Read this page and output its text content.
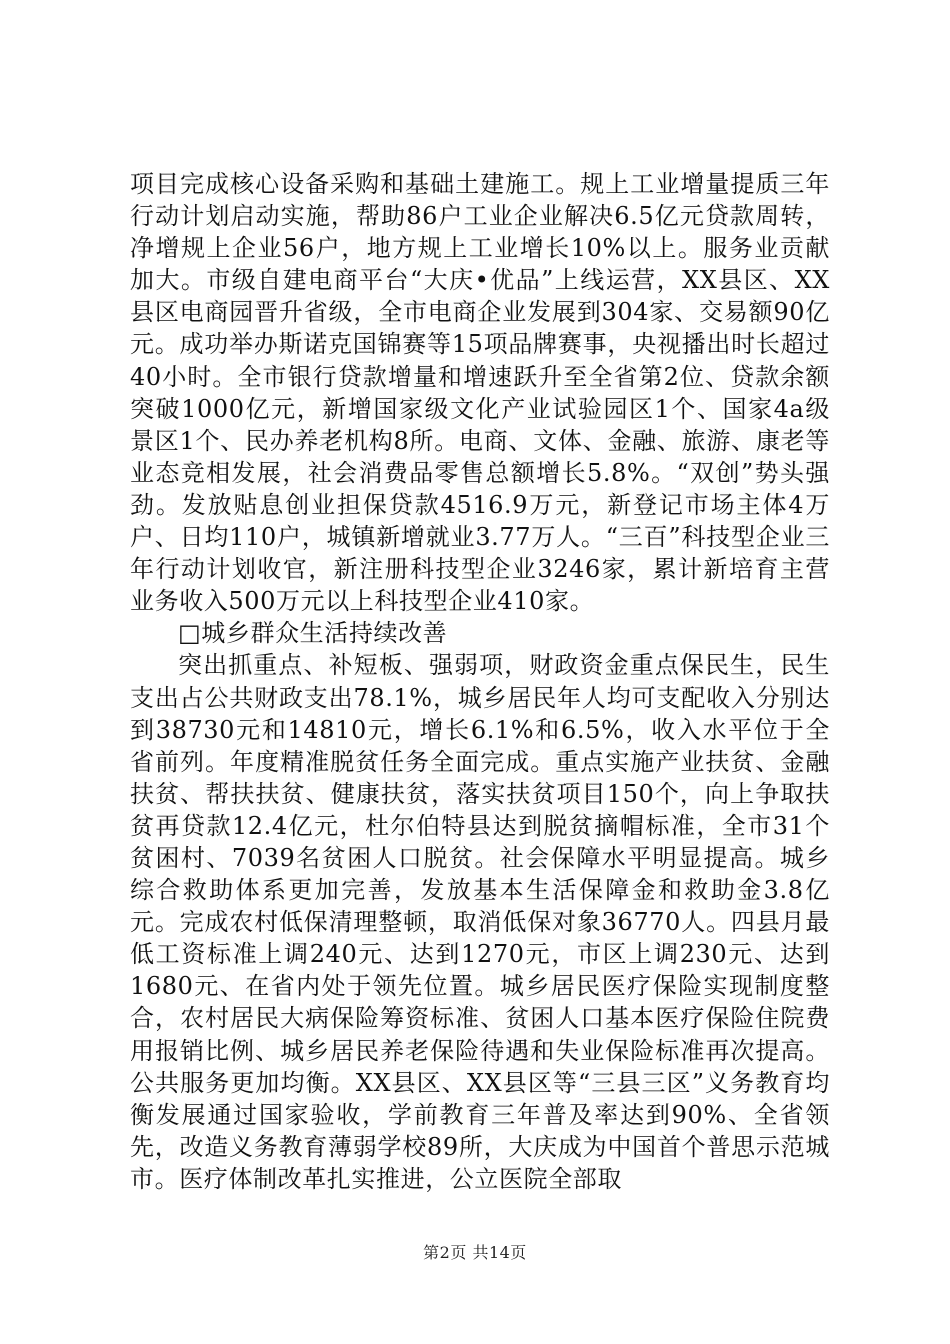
项目完成核心设备采购和基础土建施工。规上工业增量提质三年行动计划启动实施，帮助86户工业企业解决6.5亿元贷款周转，净增规上企业56户，地方规上工业增长10%以上。服务业贡献加大。市级自建电商平台“大庆•优品”上线运营，XX县区、XX县区电商园晋升省级，全市电商企业发展到304家、交易额90亿元。成功举办斯诺克国锦赛等15项品牌赛事，央视播出时长超过40小时。全市银行贷款增量和增速跃升至全省第2位、贷款余额突破1000亿元，新增国家级文化产业试验园区1个、国家4a级景区1个、民办养老机构8所。电商、文体、金融、旅游、康老等业态竞相发展，社会消费品零售总额增长5.8%。“双创”势头强劲。发放贴息创业担保贷款4516.9万元，新登记市场主体4万户、日均110户，城镇新增就业3.77万人。“三百”科技型企业三年行动计划收官，新注册科技型企业3246家，累计新培育主营业务收入500万元以上科技型企业410家。

□城乡群众生活持续改善

突出抓重点、补短板、强弱项，财政资金重点保民生，民生支出占公共财政支出78.1%，城乡居民年人均可支配收入分别达到38730元和14810元，增长6.1%和6.5%，收入水平位于全省前列。年度精准脱贫任务全面完成。重点实施产业扶贫、金融扶贫、帮扶扶贫、健康扶贫，落实扶贫项目150个，向上争取扶贫再贷款12.4亿元，杜尔伯特县达到脱贫摘帽标准，全市31个贫困村、7039名贫困人口脱贫。社会保障水平明显提高。城乡综合救助体系更加完善，发放基本生活保障金和救助金3.8亿元。完成农村低保清理整顿，取消低保对象36770人。四县月最低工资标准上调240元、达到1270元，市区上调230元、达到1680元、在省内处于领先位置。城乡居民医疗保险实现制度整合，农村居民大病保险筹资标准、贫困人口基本医疗保险住院费用报销比例、城乡居民养老保险待遇和失业保险标准再次提高。公共服务更加均衡。XX县区、XX县区等“三县三区”义务教育均衡发展通过国家验收，学前教育三年普及率达到90%、全省领先，改造义务教育薄弱学校89所，大庆成为中国首个普思示范城市。医疗体制改革扎实推进，公立医院全部取

第2页 共14页
